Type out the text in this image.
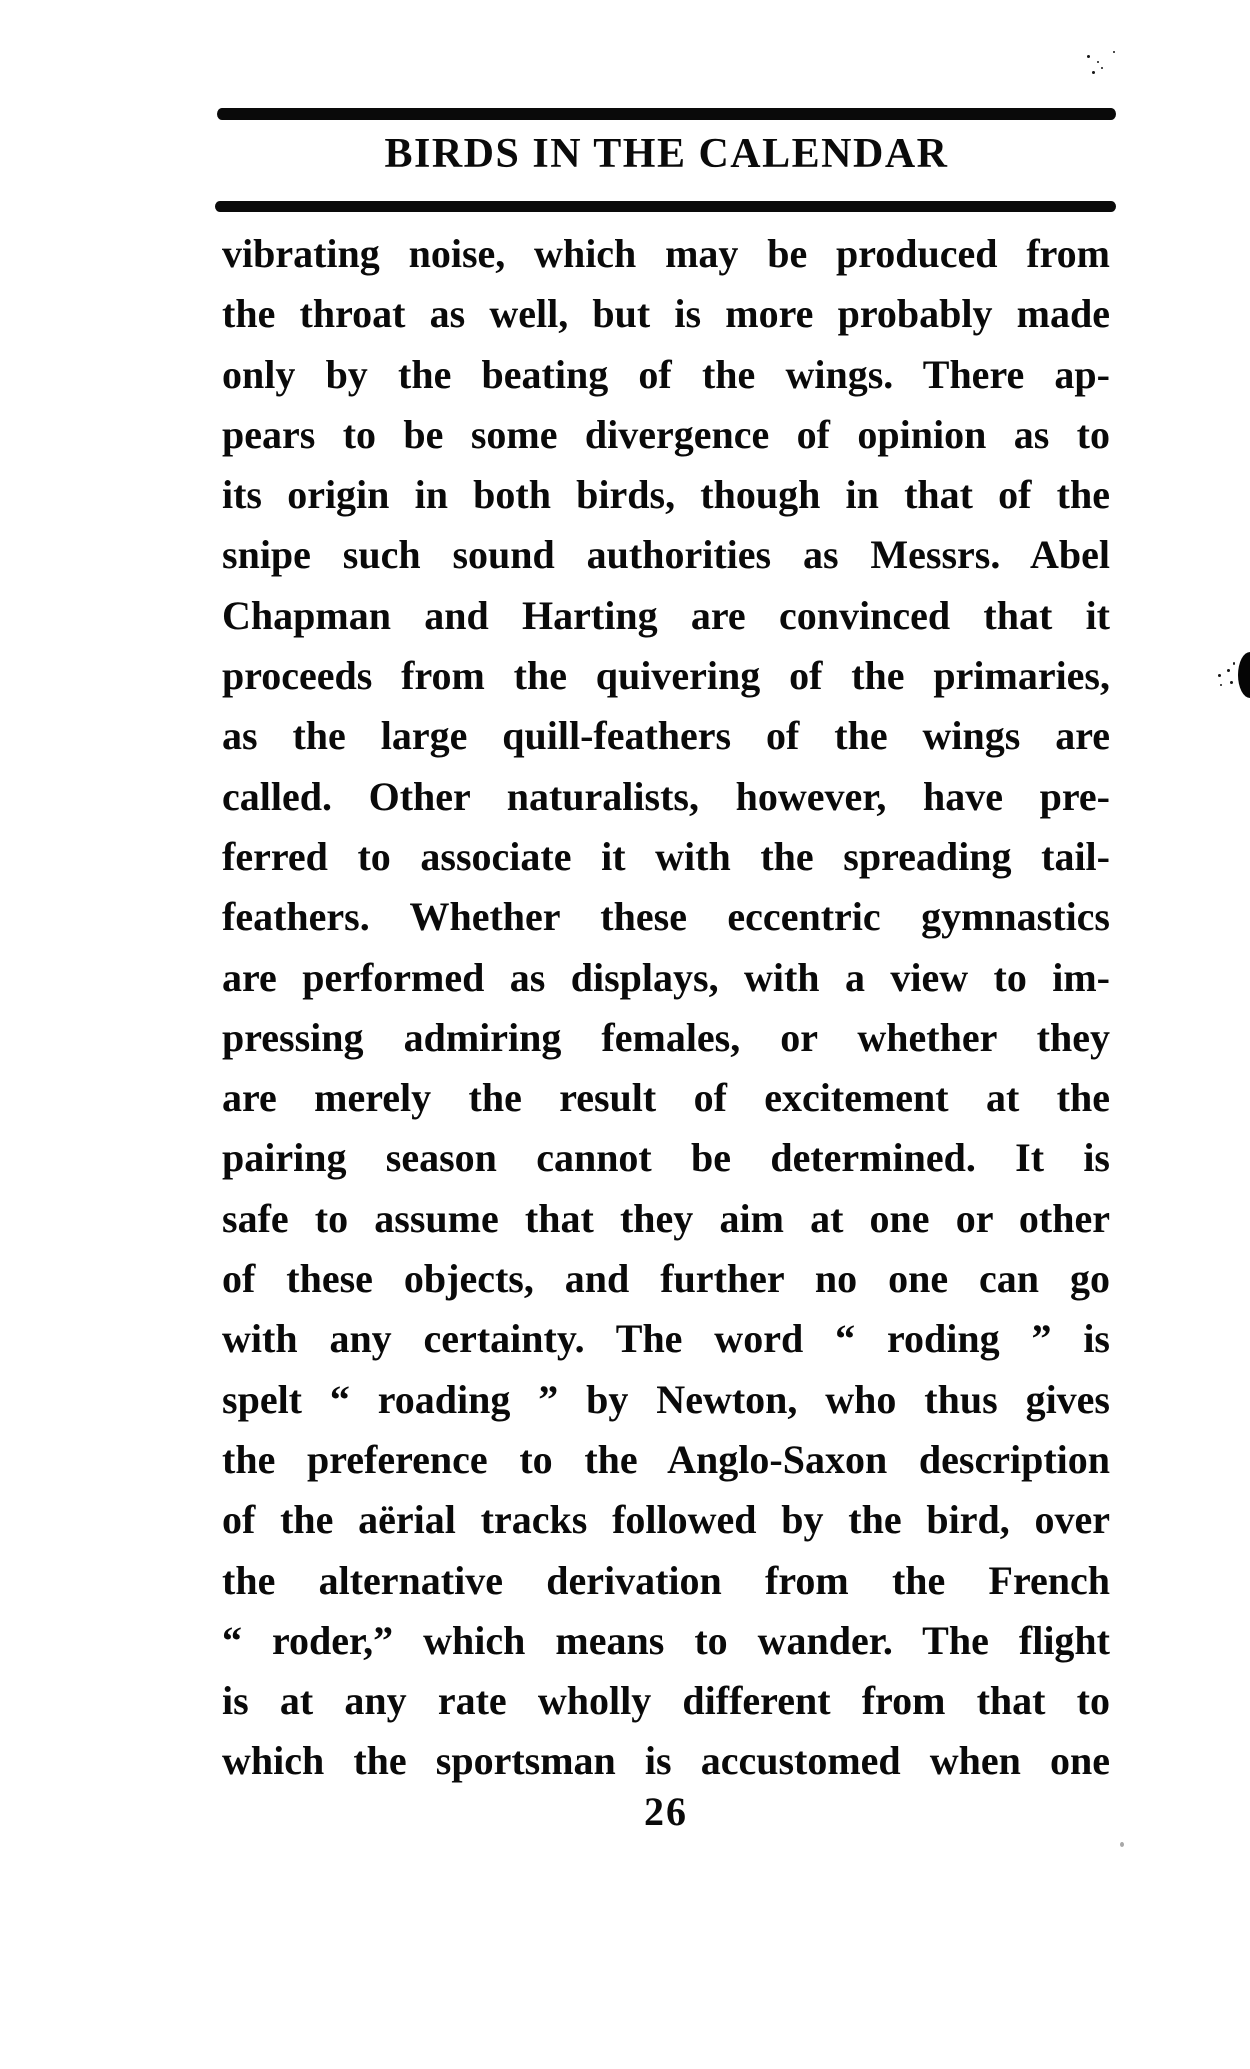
BIRDS IN THE CALENDAR
vibrating noise, which may be produced from
the throat as well, but is more probably made
only by the beating of the wings. There ap-
pears to be some divergence of opinion as to
its origin in both birds, though in that of the
snipe such sound authorities as Messrs. Abel
Chapman and Harting are convinced that it
proceeds from the quivering of the primaries,
as the large quill-feathers of the wings are
called. Other naturalists, however, have pre-
ferred to associate it with the spreading tail-
feathers. Whether these eccentric gymnastics
are performed as displays, with a view to im-
pressing admiring females, or whether they
are merely the result of excitement at the
pairing season cannot be determined. It is
safe to assume that they aim at one or other
of these objects, and further no one can go
with any certainty. The word “ roding ” is
spelt “ roading ” by Newton, who thus gives
the preference to the Anglo-Saxon description
of the aërial tracks followed by the bird, over
the alternative derivation from the French
“ roder,” which means to wander. The flight
is at any rate wholly different from that to
which the sportsman is accustomed when one
26
